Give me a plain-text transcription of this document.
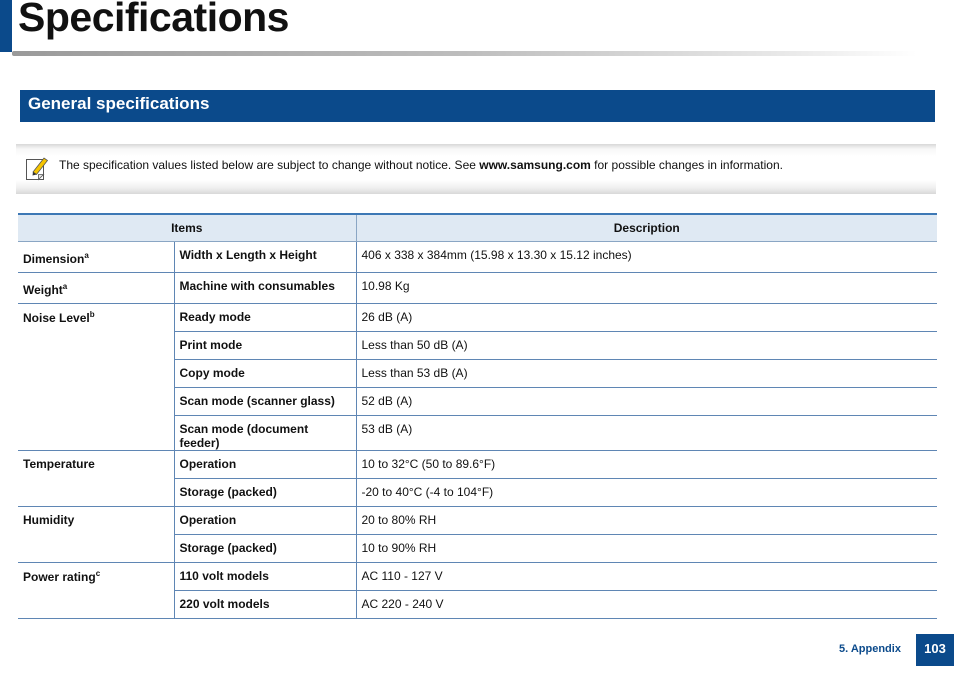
Specifications
General specifications
The specification values listed below are subject to change without notice. See www.samsung.com for possible changes in information.
Items		Description
Dimension$^a$	Width x Length x Height	406 x 338 x 384mm (15.98 x 13.30 x 15.12 inches)
Weight$^a$	Machine with consumables	10.98 Kg
Noise Level$^b$	Ready mode	26 dB (A)
	Print mode	Less than 50 dB (A)
	Copy mode	Less than 53 dB (A)
	Scan mode (scanner glass)	52 dB (A)
	Scan mode (document feeder)	53 dB (A)
Temperature	Operation	10 to 32°C (50 to 89.6°F)
	Storage (packed)	-20 to 40°C (-4 to 104°F)
Humidity	Operation	20 to 80% RH
	Storage (packed)	10 to 90% RH
Power rating$^c$	110 volt models	AC 110 - 127 V
	220 volt models	AC 220 - 240 V
5. Appendix	103
